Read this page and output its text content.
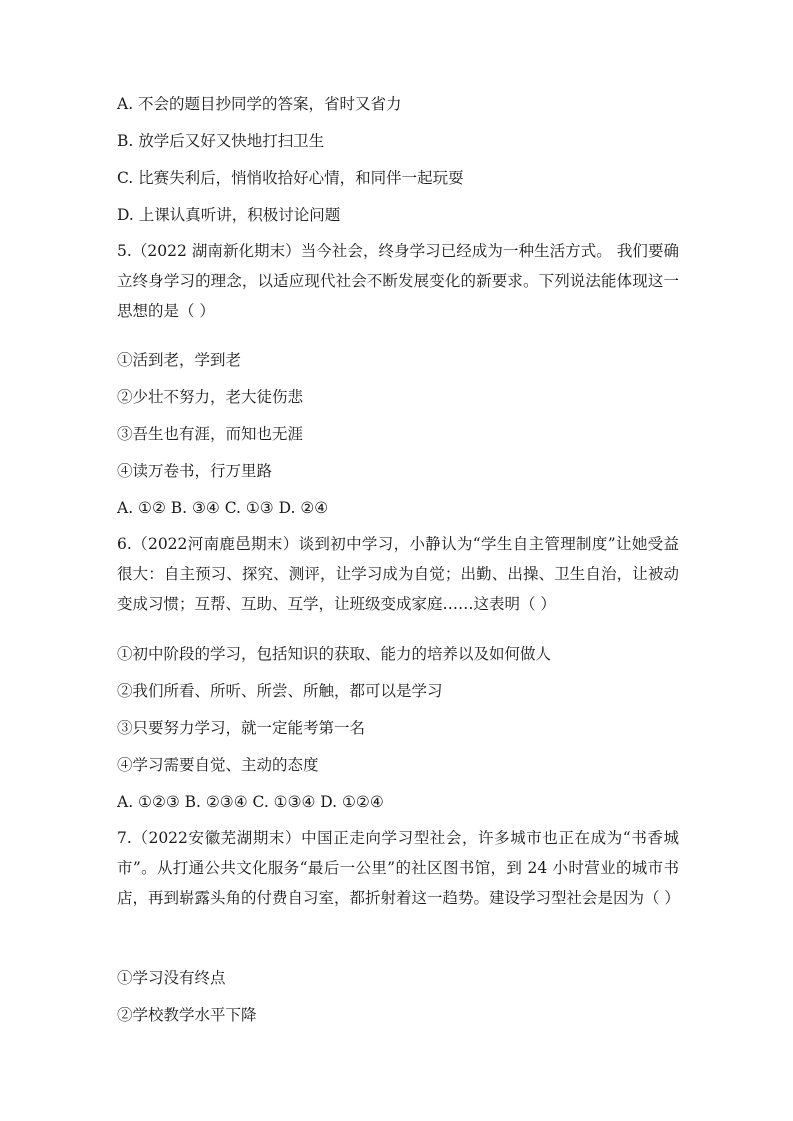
A. 不会的题目抄同学的答案，省时又省力

B. 放学后又好又快地打扫卫生

C. 比赛失利后，悄悄收拾好心情，和同伴一起玩耍

D. 上课认真听讲，积极讨论问题

5.（2022 湖南新化期末）当今社会，终身学习已经成为一种生活方式。 我们要确立终身学习的理念，以适应现代社会不断发展变化的新要求。下列说法能体现这一思想的是（ ）

①活到老，学到老

②少壮不努力，老大徒伤悲

③吾生也有涯，而知也无涯

④读万卷书，行万里路

A. ①② B. ③④ C. ①③ D. ②④

6.（2022河南鹿邑期末）谈到初中学习，小静认为“学生自主管理制度”让她受益很大：自主预习、探究、测评，让学习成为自觉；出勤、出操、卫生自治，让被动变成习惯；互帮、互助、互学，让班级变成家庭……这表明（ ）

①初中阶段的学习，包括知识的获取、能力的培养以及如何做人

②我们所看、所听、所尝、所触，都可以是学习

③只要努力学习，就一定能考第一名

④学习需要自觉、主动的态度

A. ①②③ B. ②③④ C. ①③④ D. ①②④

7.（2022安徽芜湖期末）中国正走向学习型社会，许多城市也正在成为“书香城市”。从打通公共文化服务“最后一公里”的社区图书馆，到 24 小时营业的城市书店，再到崭露头角的付费自习室，都折射着这一趋势。建设学习型社会是因为（ ）

①学习没有终点

②学校教学水平下降
